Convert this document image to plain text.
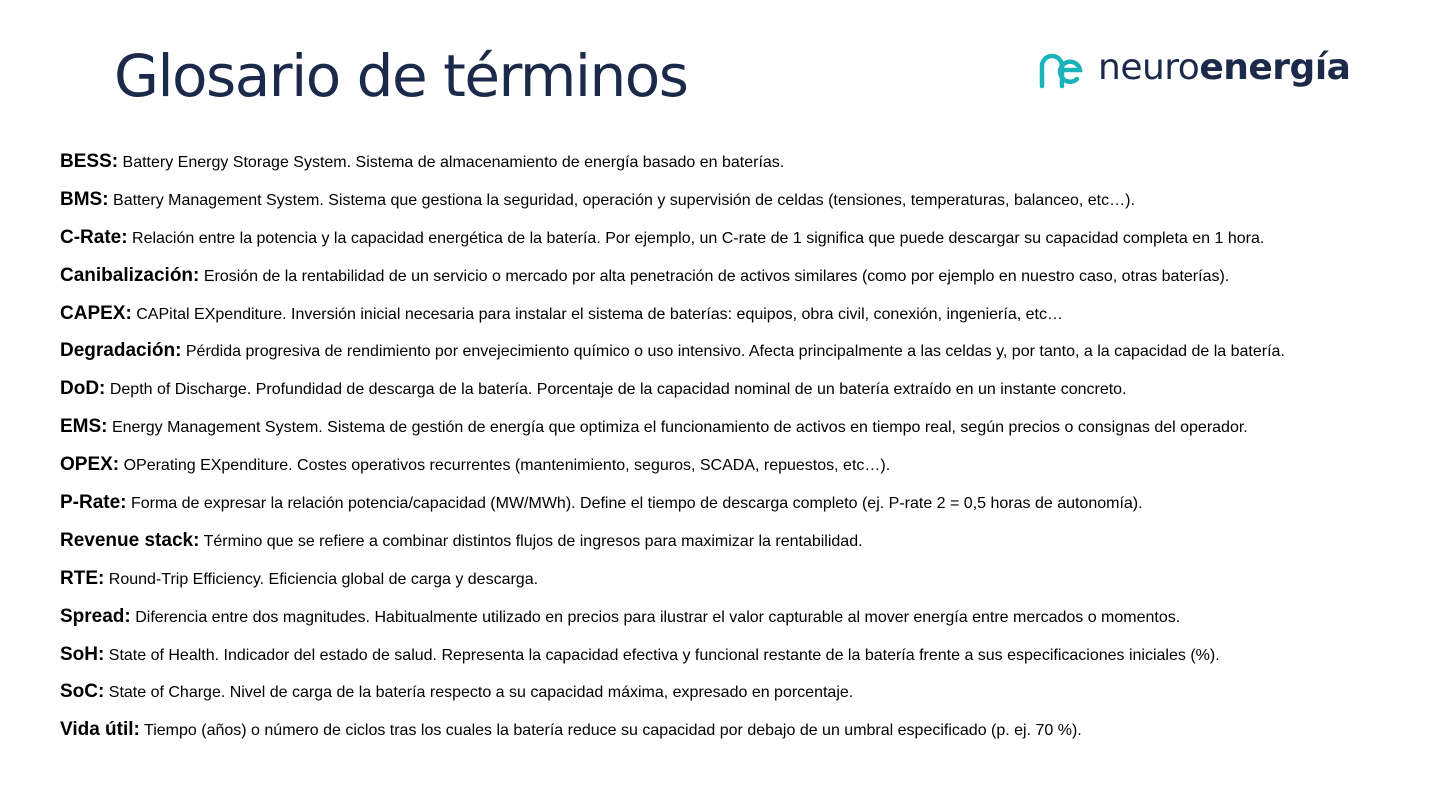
Glosario de términos	neuroenergía
BESS: Battery Energy Storage System. Sistema de almacenamiento de energía basado en baterías.
BMS: Battery Management System. Sistema que gestiona la seguridad, operación y supervisión de celdas (tensiones, temperaturas, balanceo, etc…).
C-Rate: Relación entre la potencia y la capacidad energética de la batería. Por ejemplo, un C-rate de 1 significa que puede descargar su capacidad completa en 1 hora.
Canibalización: Erosión de la rentabilidad de un servicio o mercado por alta penetración de activos similares (como por ejemplo en nuestro caso, otras baterías).
CAPEX: CAPital EXpenditure. Inversión inicial necesaria para instalar el sistema de baterías: equipos, obra civil, conexión, ingeniería, etc…
Degradación: Pérdida progresiva de rendimiento por envejecimiento químico o uso intensivo. Afecta principalmente a las celdas y, por tanto, a la capacidad de la batería.
DoD: Depth of Discharge. Profundidad de descarga de la batería. Porcentaje de la capacidad nominal de un batería extraído en un instante concreto.
EMS: Energy Management System. Sistema de gestión de energía que optimiza el funcionamiento de activos en tiempo real, según precios o consignas del operador.
OPEX: OPerating EXpenditure. Costes operativos recurrentes (mantenimiento, seguros, SCADA, repuestos, etc…).
P-Rate: Forma de expresar la relación potencia/capacidad (MW/MWh). Define el tiempo de descarga completo (ej. P-rate 2 = 0,5 horas de autonomía).
Revenue stack: Término que se refiere a combinar distintos flujos de ingresos para maximizar la rentabilidad.
RTE: Round-Trip Efficiency. Eficiencia global de carga y descarga.
Spread: Diferencia entre dos magnitudes. Habitualmente utilizado en precios para ilustrar el valor capturable al mover energía entre mercados o momentos.
SoH: State of Health. Indicador del estado de salud. Representa la capacidad efectiva y funcional restante de la batería frente a sus especificaciones iniciales (%).
SoC: State of Charge. Nivel de carga de la batería respecto a su capacidad máxima, expresado en porcentaje.
Vida útil: Tiempo (años) o número de ciclos tras los cuales la batería reduce su capacidad por debajo de un umbral especificado (p. ej. 70 %).
